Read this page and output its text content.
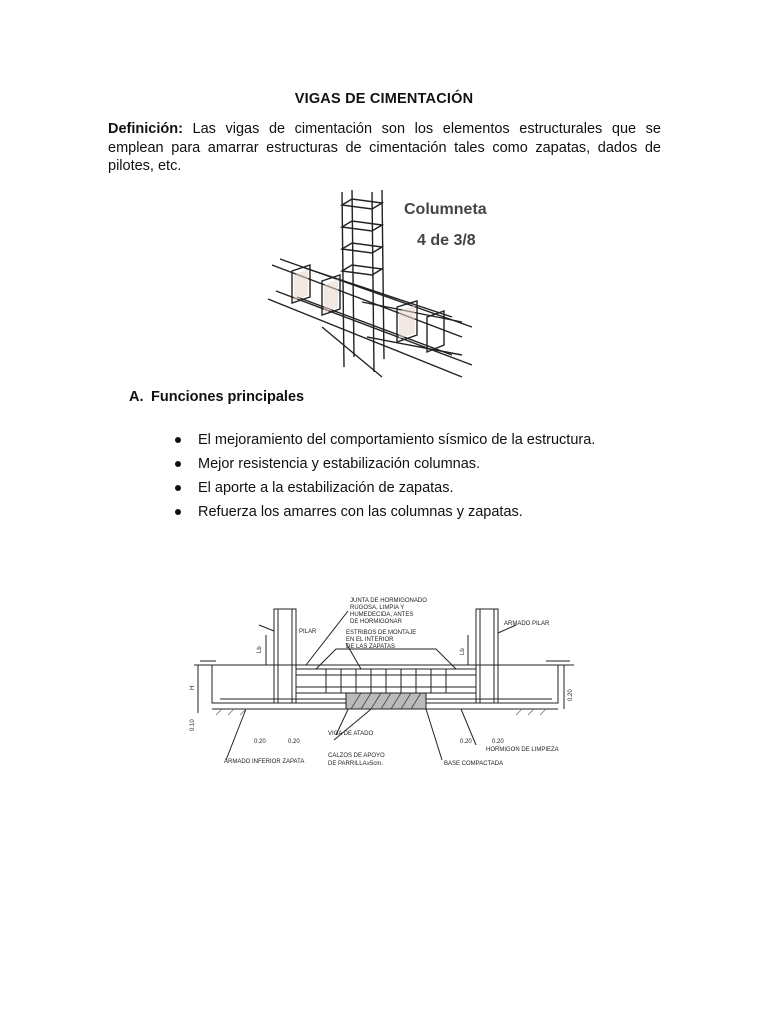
VIGAS DE CIMENTACIÓN

Definición: Las vigas de cimentación son los elementos estructurales que se emplean para amarrar estructuras de cimentación tales como zapatas, dados de pilotes, etc.

Columneta
4 de 3/8
A. Funciones principales
El mejoramiento del comportamiento sísmico de la estructura.
Mejor resistencia y estabilización columnas.
El aporte a la estabilización de zapatas.
Refuerza los amarres con las columnas y zapatas.
JUNTA DE HORMIGONADO
RUGOSA, LIMPIA Y
HUMEDECIDA, ANTES
DE HORMIGONAR
ESTRIBOS DE MONTAJE
EN EL INTERIOR
DE LAS ZAPATAS
PILAR
ARMADO PILAR
Lb	Lb
H
0.10
0.20
0.20	0.20	0.20	0.20
VIGA DE ATADO
HORMIGON DE LIMPIEZA
CALZOS DE APOYO
DE PARRILLA≥5cm.
ARMADO INFERIOR ZAPATA	BASE COMPACTADA
